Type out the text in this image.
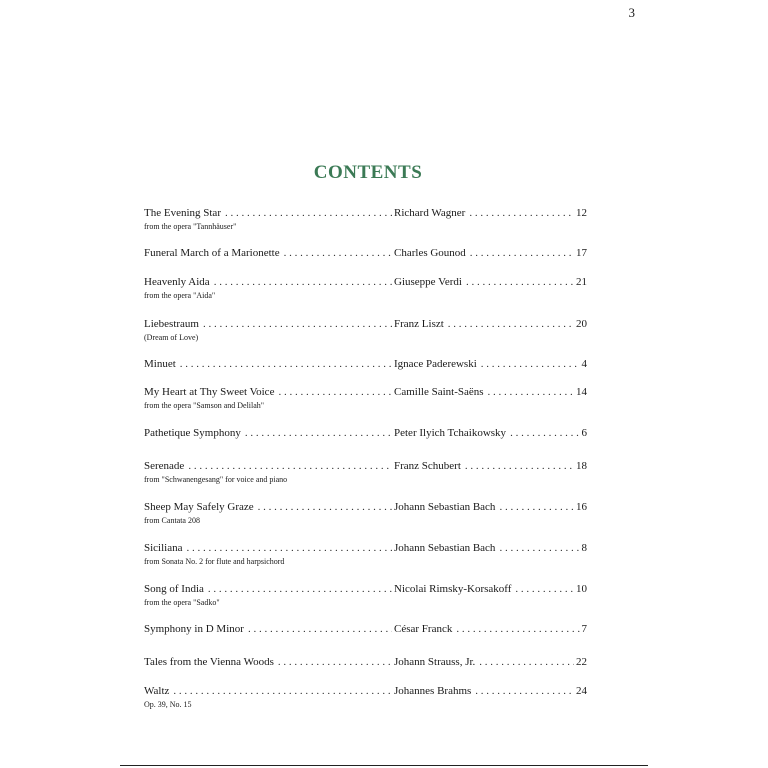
3
CONTENTS
The Evening Star . . .	Richard Wagner . . .	12
from the opera "Tannhäuser"
Funeral March of a Marionette . . .	Charles Gounod . . .	17
Heavenly Aida . . .	Giuseppe Verdi . . .	21
from the opera "Aida"
Liebestraum . . .	Franz Liszt . . .	20
(Dream of Love)
Minuet . . .	Ignace Paderewski . . .	4
My Heart at Thy Sweet Voice . . .	Camille Saint-Saëns . . .	14
from the opera "Samson and Delilah"
Pathetique Symphony . . .	Peter Ilyich Tchaikowsky . . .	6
Serenade . . .	Franz Schubert . . .	18
from "Schwanengesang" for voice and piano
Sheep May Safely Graze . . .	Johann Sebastian Bach . . .	16
from Cantata 208
Siciliana . . .	Johann Sebastian Bach . . .	8
from Sonata No. 2 for flute and harpsichord
Song of India . . .	Nicolai Rimsky-Korsakoff . . .	10
from the opera "Sadko"
Symphony in D Minor . . .	César Franck . . .	7
Tales from the Vienna Woods . . .	Johann Strauss, Jr. . . .	22
Waltz . . .	Johannes Brahms . . .	24
Op. 39, No. 15
